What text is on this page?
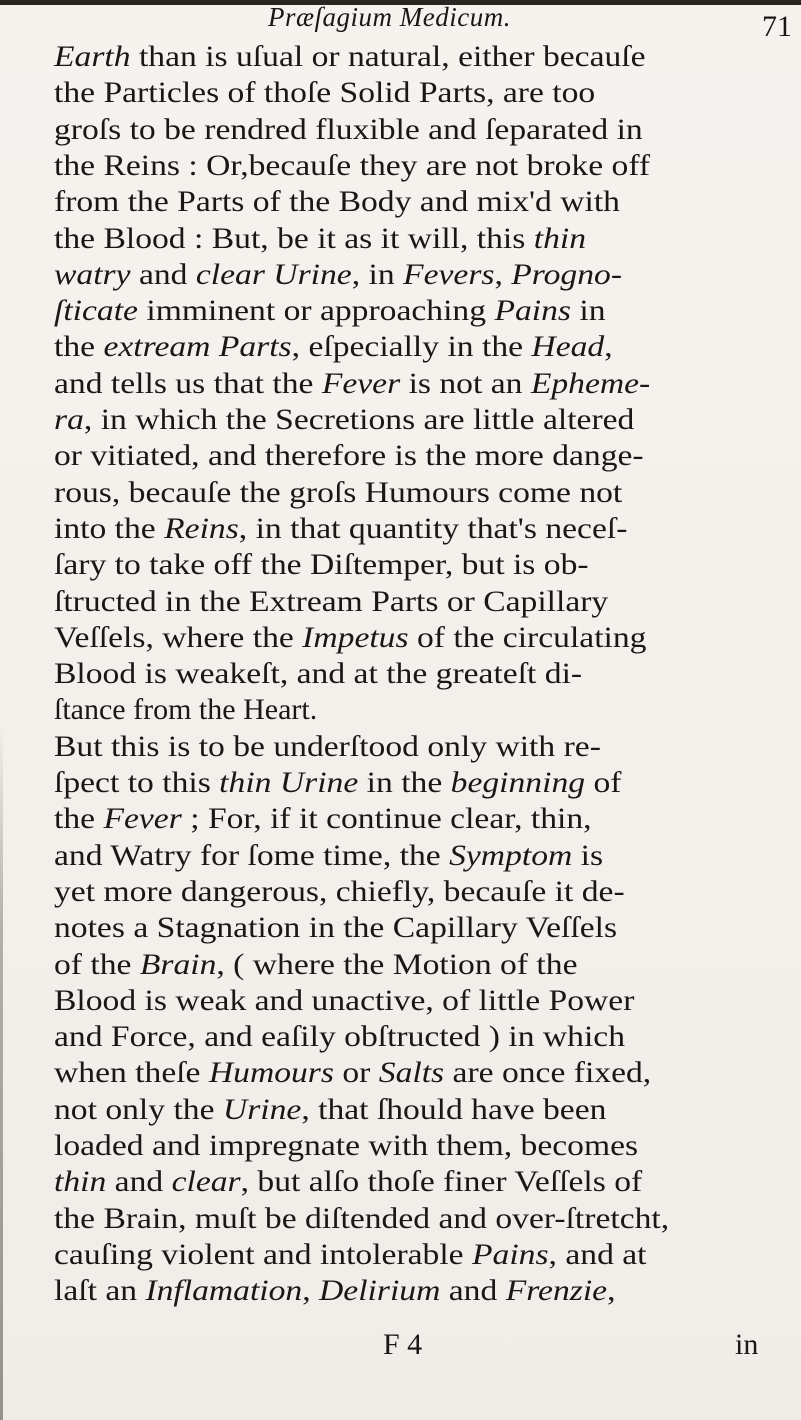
Præſagium Medicum.	71
Earth than is uſual or natural, either becauſe
the Particles of thoſe Solid Parts, are too
groſs to be rendred fluxible and ſeparated in
the Reins : Or,becauſe they are not broke off
from the Parts of the Body and mix'd with
the Blood : But, be it as it will, this thin
watry and clear Urine, in Fevers, Progno-
ſticate imminent or approaching Pains in
the extream Parts, eſpecially in the Head,
and tells us that the Fever is not an Epheme-
ra, in which the Secretions are little altered
or vitiated, and therefore is the more dange-
rous, becauſe the groſs Humours come not
into the Reins, in that quantity that's neceſ-
ſary to take off the Diſtemper, but is ob-
ſtructed in the Extream Parts or Capillary
Veſſels, where the Impetus of the circulating
Blood is weakeſt, and at the greateſt di-
ſtance from the Heart.
But this is to be underſtood only with re-
ſpect to this thin Urine in the beginning of
the Fever ; For, if it continue clear, thin,
and Watry for ſome time, the Symptom is
yet more dangerous, chiefly, becauſe it de-
notes a Stagnation in the Capillary Veſſels
of the Brain, ( where the Motion of the
Blood is weak and unactive, of little Power
and Force, and eaſily obſtructed ) in which
when theſe Humours or Salts are once fixed,
not only the Urine, that ſhould have been
loaded and impregnate with them, becomes
thin and clear, but alſo thoſe finer Veſſels of
the Brain, muſt be diſtended and over-ſtretcht,
cauſing violent and intolerable Pains, and at
laſt an Inflamation, Delirium and Frenzie,
F 4	in
